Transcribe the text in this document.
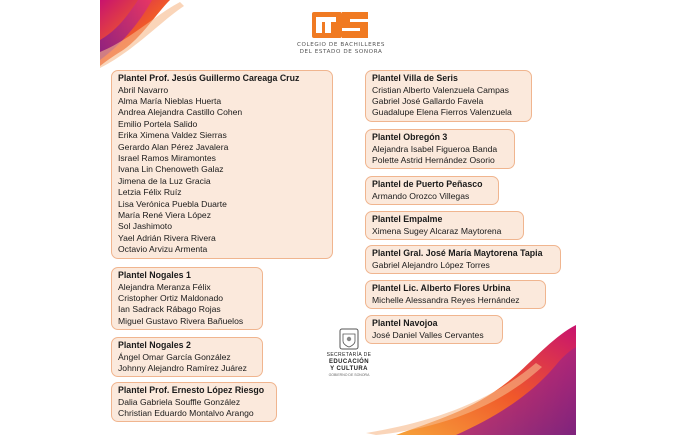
COLEGIO DE BACHILLERES
DEL ESTADO DE SONORA
Plantel Prof. Jesús Guillermo Careaga Cruz
Abril Navarro
Alma María Nieblas Huerta
Andrea Alejandra Castillo Cohen
Emilio Portela Salido
Erika Ximena Valdez Sierras
Gerardo Alan Pérez Javalera
Israel Ramos Miramontes
Ivana Lin Chenoweth Galaz
Jimena de la Luz Gracia
Letzia Félix Ruíz
Lisa Verónica Puebla Duarte
María René Viera López
Sol Jashimoto
Yael Adrián Rivera Rivera
Octavio Arvizu Armenta
Plantel Nogales 1
Alejandra Meranza Félix
Cristopher Ortiz Maldonado
Ian Sadrack Rábago Rojas
Miguel Gustavo Rivera Bañuelos
Plantel Nogales 2
Ángel Omar García González
Johnny Alejandro Ramírez Juárez
Plantel Prof. Ernesto López Riesgo
Dalia Gabriela Souffle González
Christian Eduardo Montalvo Arango
SECRETARÍA DE
EDUCACIÓN
Y CULTURA
GOBIERNO DE SONORA
Plantel Villa de Seris
Cristian Alberto Valenzuela Campas
Gabriel José Gallardo Favela
Guadalupe Elena Fierros Valenzuela
Plantel Obregón 3
Alejandra Isabel Figueroa Banda
Polette Astrid Hernández Osorio
Plantel de Puerto Peñasco
Armando Orozco Villegas
Plantel Empalme
Ximena Sugey Alcaraz Maytorena
Plantel Gral. José María Maytorena Tapia
Gabriel Alejandro López Torres
Plantel Lic. Alberto Flores Urbina
Michelle Alessandra Reyes Hernández
Plantel Navojoa
José Daniel Valles Cervantes
